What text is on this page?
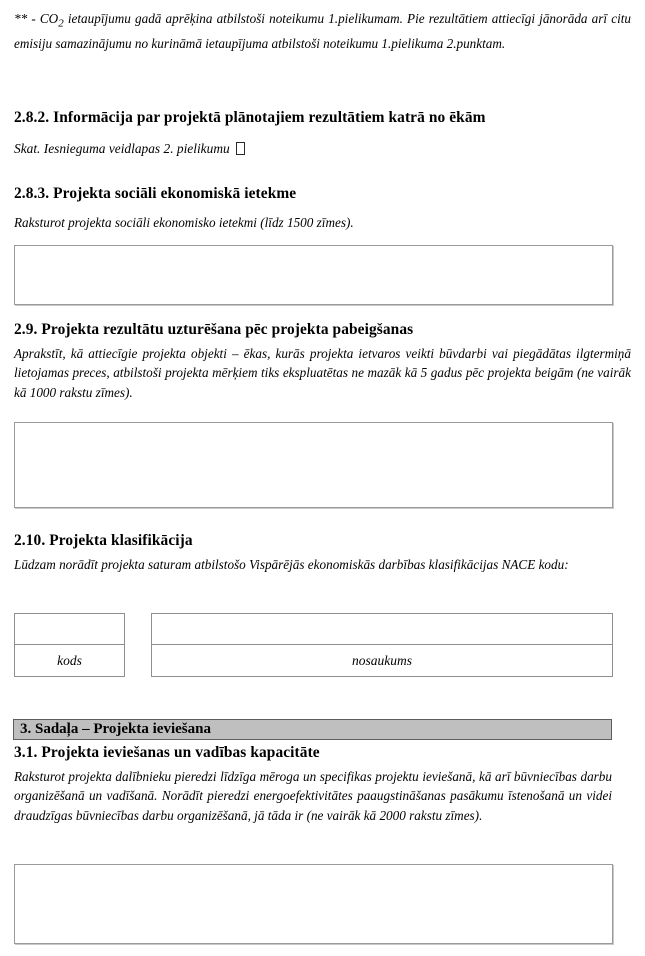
** - $CO_2$ ietaupījumu gadā aprēķina atbilstoši noteikumu 1.pielikumam. Pie rezultātiem attiecīgi jānorāda arī citu emisiju samazinājumu no kurināmā ietaupījuma atbilstoši noteikumu 1.pielikuma 2.punktam.

2.8.2. Informācija par projektā plānotajiem rezultātiem katrā no ēkām

Skat. Iesnieguma veidlapas 2. pielikumu

2.8.3. Projekta sociāli ekonomiskā ietekme

Raksturot projekta sociāli ekonomisko ietekmi (līdz 1500 zīmes).

2.9. Projekta rezultātu uzturēšana pēc projekta pabeigšanas

Aprakstīt, kā attiecīgie projekta objekti – ēkas, kurās projekta ietvaros veikti būvdarbi vai piegādātas ilgtermiņā lietojamas preces, atbilstoši projekta mērķiem tiks ekspluatētas ne mazāk kā 5 gadus pēc projekta beigām (ne vairāk kā 1000 rakstu zīmes).

2.10. Projekta klasifikācija

Lūdzam norādīt projekta saturam atbilstošo Vispārējās ekonomiskās darbības klasifikācijas NACE kodu:

kods	nosaukums
3. Sadaļa – Projekta ieviešana
3.1. Projekta ieviešanas un vadības kapacitāte

Raksturot projekta dalībnieku pieredzi līdzīga mēroga un specifikas projektu ieviešanā, kā arī būvniecības darbu organizēšanā un vadīšanā. Norādīt pieredzi energoefektivitātes paaugstināšanas pasākumu īstenošanā un videi draudzīgas būvniecības darbu organizēšanā, jā tāda ir (ne vairāk kā 2000 rakstu zīmes).
